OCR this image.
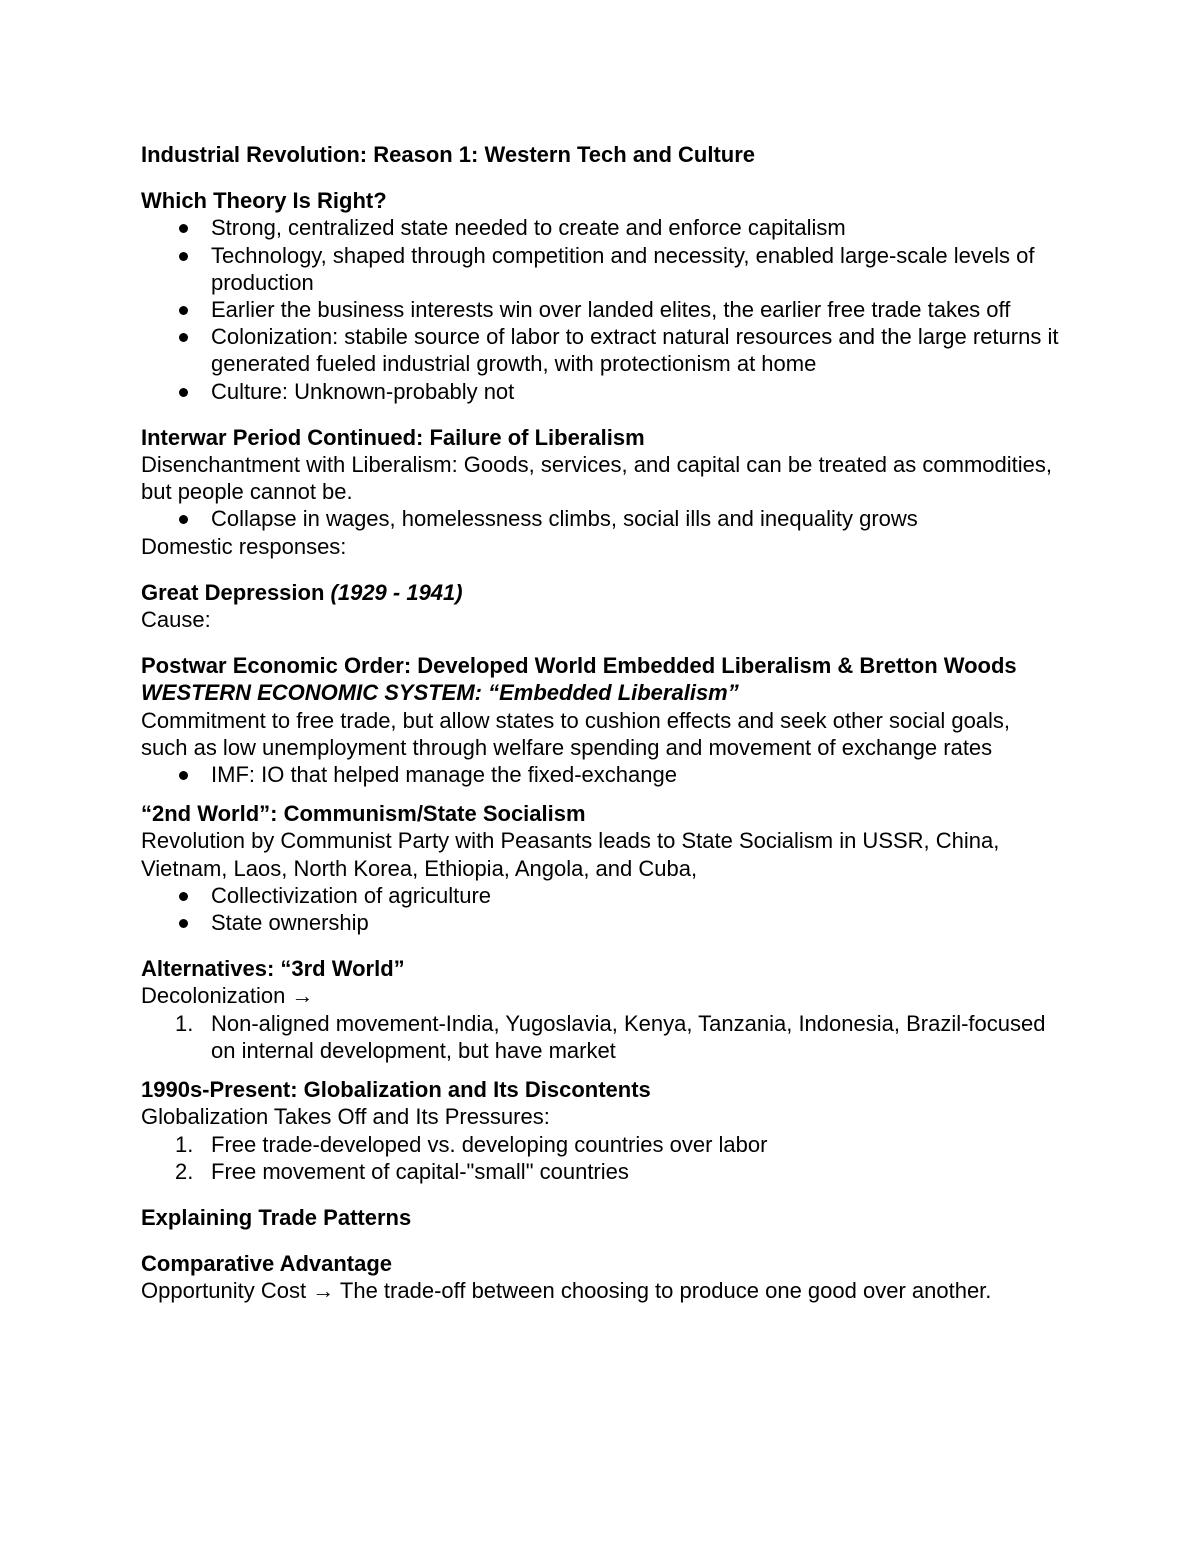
Industrial Revolution: Reason 1: Western Tech and Culture

Which Theory Is Right?

Strong, centralized state needed to create and enforce capitalism
Technology, shaped through competition and necessity, enabled large-scale levels of production
Earlier the business interests win over landed elites, the earlier free trade takes off
Colonization: stabile source of labor to extract natural resources and the large returns it generated fueled industrial growth, with protectionism at home
Culture: Unknown-probably not

Interwar Period Continued: Failure of Liberalism

Disenchantment with Liberalism: Goods, services, and capital can be treated as commodities, but people cannot be.

Collapse in wages, homelessness climbs, social ills and inequality grows

Domestic responses:

Great Depression (1929 - 1941)

Cause:

Postwar Economic Order: Developed World Embedded Liberalism & Bretton Woods

WESTERN ECONOMIC SYSTEM: “Embedded Liberalism”

Commitment to free trade, but allow states to cushion effects and seek other social goals, such as low unemployment through welfare spending and movement of exchange rates

IMF: IO that helped manage the fixed-exchange

“2nd World”: Communism/State Socialism

Revolution by Communist Party with Peasants leads to State Socialism in USSR, China, Vietnam, Laos, North Korea, Ethiopia, Angola, and Cuba,

Collectivization of agriculture
State ownership

Alternatives: “3rd World”

Decolonization →

1. Non-aligned movement-India, Yugoslavia, Kenya, Tanzania, Indonesia, Brazil-focused on internal development, but have market

1990s-Present: Globalization and Its Discontents

Globalization Takes Off and Its Pressures:

1. Free trade-developed vs. developing countries over labor
2. Free movement of capital-"small" countries

Explaining Trade Patterns

Comparative Advantage

Opportunity Cost → The trade-off between choosing to produce one good over another.
